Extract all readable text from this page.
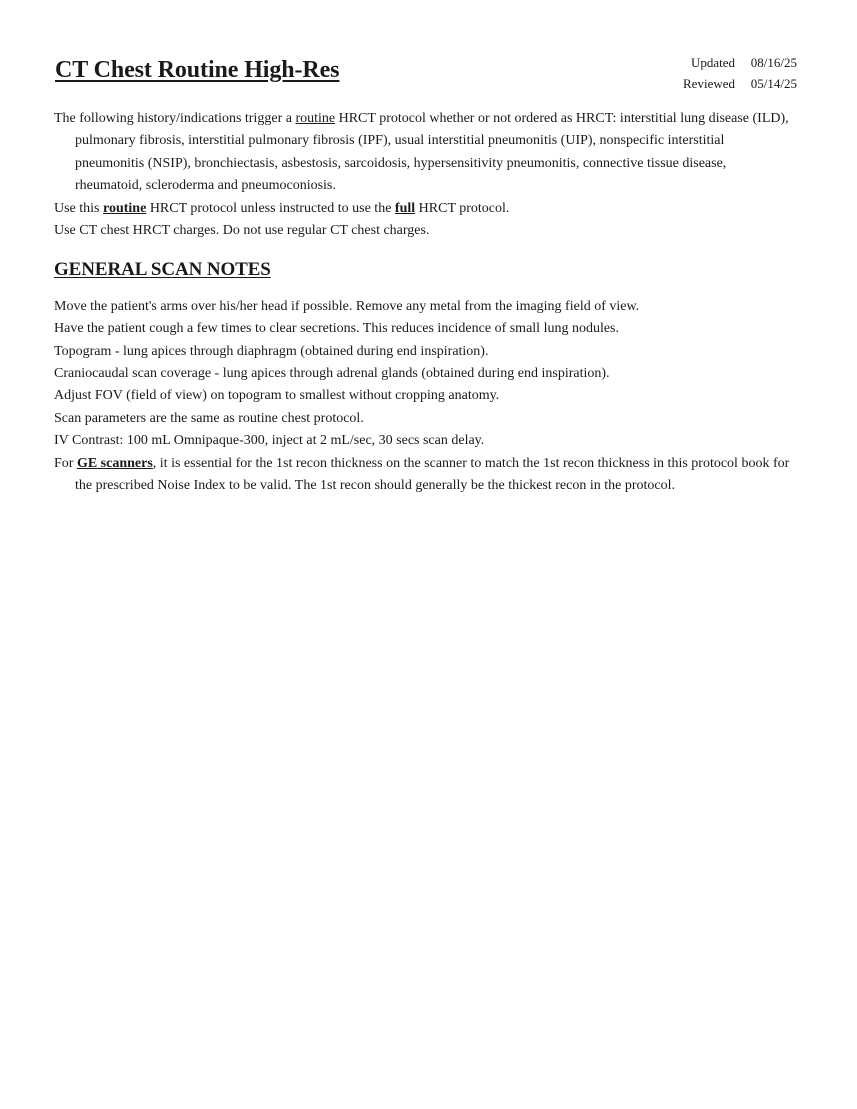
CT Chest Routine High-Res	Updated 08/16/25
Reviewed 05/14/25

The following history/indications trigger a routine HRCT protocol whether or not ordered as HRCT: interstitial lung disease (ILD), pulmonary fibrosis, interstitial pulmonary fibrosis (IPF), usual interstitial pneumonitis (UIP), nonspecific interstitial pneumonitis (NSIP), bronchiectasis, asbestosis, sarcoidosis, hypersensitivity pneumonitis, connective tissue disease, rheumatoid, scleroderma and pneumoconiosis.

Use this routine HRCT protocol unless instructed to use the full HRCT protocol.

Use CT chest HRCT charges. Do not use regular CT chest charges.

GENERAL SCAN NOTES

Move the patient's arms over his/her head if possible. Remove any metal from the imaging field of view.

Have the patient cough a few times to clear secretions. This reduces incidence of small lung nodules.

Topogram - lung apices through diaphragm (obtained during end inspiration).

Craniocaudal scan coverage - lung apices through adrenal glands (obtained during end inspiration).

Adjust FOV (field of view) on topogram to smallest without cropping anatomy.

Scan parameters are the same as routine chest protocol.

IV Contrast: 100 mL Omnipaque-300, inject at 2 mL/sec, 30 secs scan delay.

For GE scanners, it is essential for the 1st recon thickness on the scanner to match the 1st recon thickness in this protocol book for the prescribed Noise Index to be valid. The 1st recon should generally be the thickest recon in the protocol.
